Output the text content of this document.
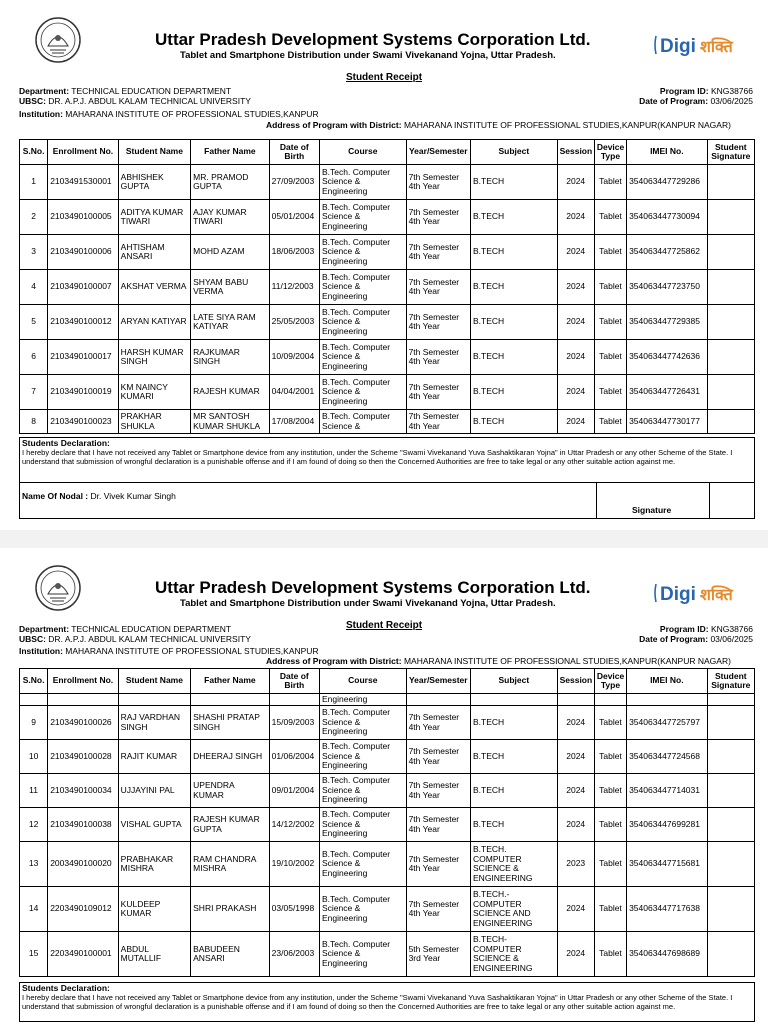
Uttar Pradesh Development Systems Corporation Ltd.
Tablet and Smartphone Distribution under Swami Vivekanand Yojna, Uttar Pradesh.	Digi शक्ति
Student Receipt
Department: TECHNICAL EDUCATION DEPARTMENT
UBSC: DR. A.P.J. ABDUL KALAM TECHNICAL UNIVERSITY
Institution: MAHARANA INSTITUTE OF PROFESSIONAL STUDIES,KANPUR
Address of Program with District: MAHARANA INSTITUTE OF PROFESSIONAL STUDIES,KANPUR(KANPUR NAGAR)
Program ID: KNG38766
Date of Program: 03/06/2025
S.No.	Enrollment No.	Student Name	Father Name	Date of Birth	Course	Year/Semester	Subject	Session	Device Type	IMEI No.	Student Signature
1	2103491530001	ABHISHEK GUPTA	MR. PRAMOD GUPTA	27/09/2003	B.Tech. Computer Science & Engineering	7th Semester 4th Year	B.TECH	2024	Tablet	354063447729286	
2	2103490100005	ADITYA KUMAR TIWARI	AJAY KUMAR TIWARI	05/01/2004	B.Tech. Computer Science & Engineering	7th Semester 4th Year	B.TECH	2024	Tablet	354063447730094	
3	2103490100006	AHTISHAM ANSARI	MOHD AZAM	18/06/2003	B.Tech. Computer Science & Engineering	7th Semester 4th Year	B.TECH	2024	Tablet	354063447725862	
4	2103490100007	AKSHAT VERMA	SHYAM BABU VERMA	11/12/2003	B.Tech. Computer Science & Engineering	7th Semester 4th Year	B.TECH	2024	Tablet	354063447723750	
5	2103490100012	ARYAN KATIYAR	LATE SIYA RAM KATIYAR	25/05/2003	B.Tech. Computer Science & Engineering	7th Semester 4th Year	B.TECH	2024	Tablet	354063447729385	
6	2103490100017	HARSH KUMAR SINGH	RAJKUMAR SINGH	10/09/2004	B.Tech. Computer Science & Engineering	7th Semester 4th Year	B.TECH	2024	Tablet	354063447742636	
7	2103490100019	KM NAINCY KUMARI	RAJESH KUMAR	04/04/2001	B.Tech. Computer Science & Engineering	7th Semester 4th Year	B.TECH	2024	Tablet	354063447726431	
8	2103490100023	PRAKHAR SHUKLA	MR SANTOSH KUMAR SHUKLA	17/08/2004	B.Tech. Computer Science &	7th Semester 4th Year	B.TECH	2024	Tablet	354063447730177	
Students Declaration:
I hereby declare that I have not received any Tablet or Smartphone device from any institution, under the Scheme "Swami Vivekanand Yuva Sashaktikaran Yojna" in Uttar Pradesh or any other Scheme of the State. I understand that submission of wrongful declaration is a punishable offense and if I am found of doing so then the Concerned Authorities are free to take legal or any other suitable action against me.
Name Of Nodal : Dr. Vivek Kumar Singh
Signature
Uttar Pradesh Development Systems Corporation Ltd.
Tablet and Smartphone Distribution under Swami Vivekanand Yojna, Uttar Pradesh.	Digi शक्ति
Student Receipt
Department: TECHNICAL EDUCATION DEPARTMENT
UBSC: DR. A.P.J. ABDUL KALAM TECHNICAL UNIVERSITY
Institution: MAHARANA INSTITUTE OF PROFESSIONAL STUDIES,KANPUR
Address of Program with District: MAHARANA INSTITUTE OF PROFESSIONAL STUDIES,KANPUR(KANPUR NAGAR)
Program ID: KNG38766
Date of Program: 03/06/2025
S.No.	Enrollment No.	Student Name	Father Name	Date of Birth	Course	Year/Semester	Subject	Session	Device Type	IMEI No.	Student Signature
					Engineering						
9	2103490100026	RAJ VARDHAN SINGH	SHASHI PRATAP SINGH	15/09/2003	B.Tech. Computer Science & Engineering	7th Semester 4th Year	B.TECH	2024	Tablet	354063447725797	
10	2103490100028	RAJIT KUMAR	DHEERAJ SINGH	01/06/2004	B.Tech. Computer Science & Engineering	7th Semester 4th Year	B.TECH	2024	Tablet	354063447724568	
11	2103490100034	UJJAYINI PAL	UPENDRA KUMAR	09/01/2004	B.Tech. Computer Science & Engineering	7th Semester 4th Year	B.TECH	2024	Tablet	354063447714031	
12	2103490100038	VISHAL GUPTA	RAJESH KUMAR GUPTA	14/12/2002	B.Tech. Computer Science & Engineering	7th Semester 4th Year	B.TECH	2024	Tablet	354063447699281	
13	2003490100020	PRABHAKAR MISHRA	RAM CHANDRA MISHRA	19/10/2002	B.Tech. Computer Science & Engineering	7th Semester 4th Year	B.TECH. COMPUTER SCIENCE & ENGINEERING	2023	Tablet	354063447715681	
14	2203490109012	KULDEEP KUMAR	SHRI PRAKASH	03/05/1998	B.Tech. Computer Science & Engineering	7th Semester 4th Year	B.TECH.- COMPUTER SCIENCE AND ENGINEERING	2024	Tablet	354063447717638	
15	2203490100001	ABDUL MUTALLIF	BABUDEEN ANSARI	23/06/2003	B.Tech. Computer Science & Engineering	5th Semester 3rd Year	B.TECH- COMPUTER SCIENCE & ENGINEERING	2024	Tablet	354063447698689	
Students Declaration:
I hereby declare that I have not received any Tablet or Smartphone device from any institution, under the Scheme "Swami Vivekanand Yuva Sashaktikaran Yojna" in Uttar Pradesh or any other Scheme of the State. I understand that submission of wrongful declaration is a punishable offense and if I am found of doing so then the Concerned Authorities are free to take legal or any other suitable action against me.
